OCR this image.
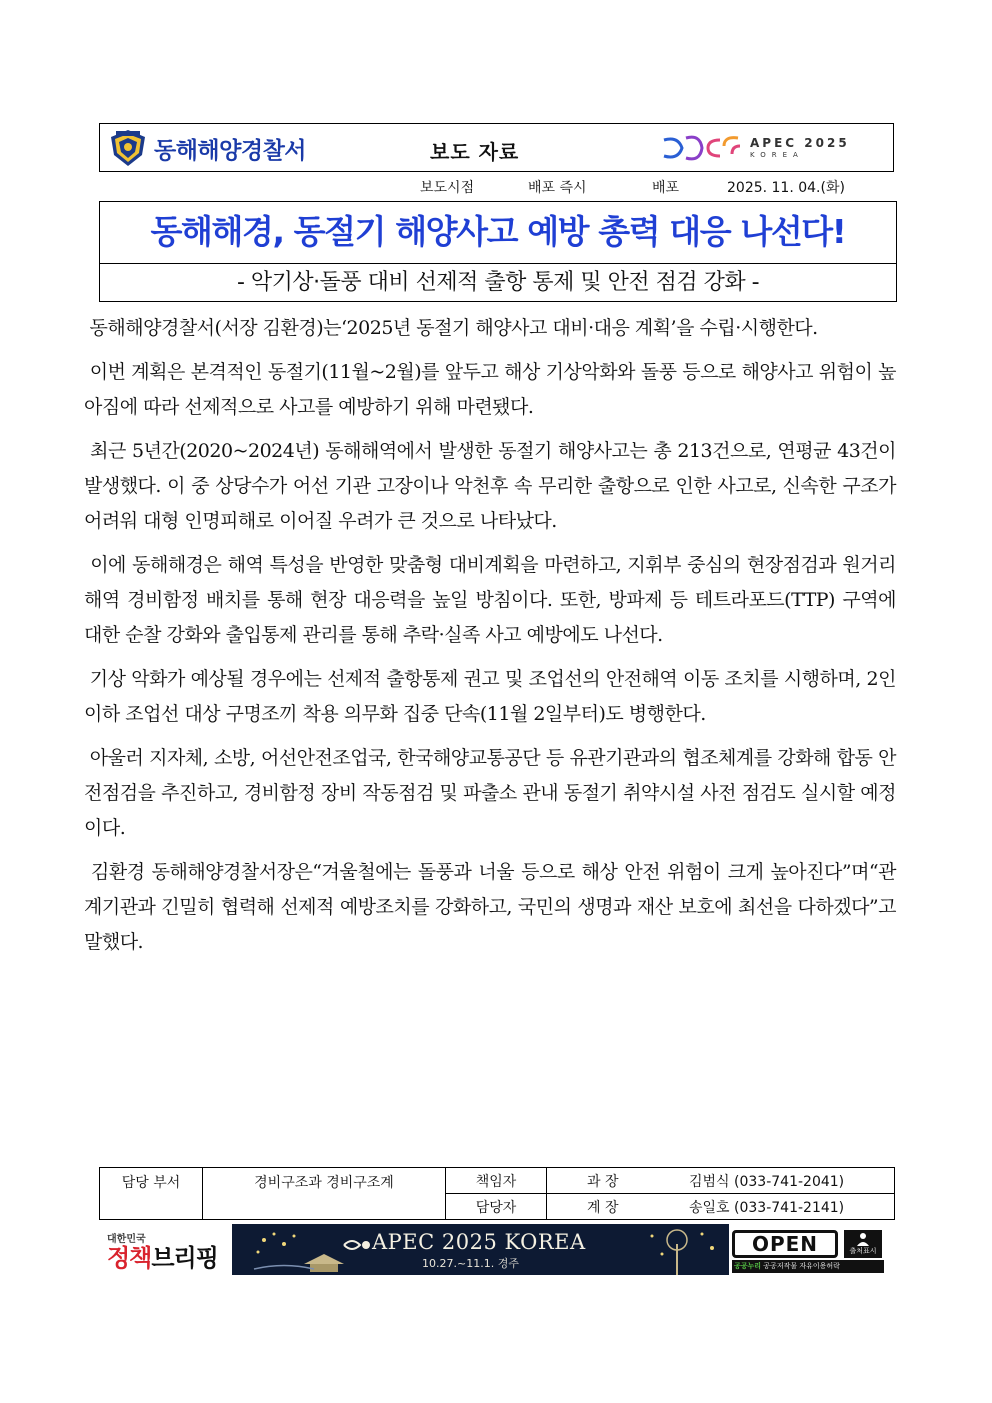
동해해양경찰서	보도 자료	APEC 2025
KOREA
보도시점	배포 즉시	배포	2025. 11. 04.(화)
동해해경, 동절기 해양사고 예방 총력 대응 나선다!
- 악기상·돌풍 대비 선제적 출항 통제 및 안전 점검 강화 -

동해해양경찰서(서장 김환경)는‘2025년 동절기 해양사고 대비·대응 계획’을 수립·시행한다.

이번 계획은 본격적인 동절기(11월~2월)를 앞두고 해상 기상악화와 돌풍 등으로 해양사고 위험이 높아짐에 따라 선제적으로 사고를 예방하기 위해 마련됐다.

최근 5년간(2020~2024년) 동해해역에서 발생한 동절기 해양사고는 총 213건으로, 연평균 43건이 발생했다. 이 중 상당수가 어선 기관 고장이나 악천후 속 무리한 출항으로 인한 사고로, 신속한 구조가 어려워 대형 인명피해로 이어질 우려가 큰 것으로 나타났다.

이에 동해해경은 해역 특성을 반영한 맞춤형 대비계획을 마련하고, 지휘부 중심의 현장점검과 원거리 해역 경비함정 배치를 통해 현장 대응력을 높일 방침이다. 또한, 방파제 등 테트라포드(TTP) 구역에 대한 순찰 강화와 출입통제 관리를 통해 추락·실족 사고 예방에도 나선다.

기상 악화가 예상될 경우에는 선제적 출항통제 권고 및 조업선의 안전해역 이동 조치를 시행하며, 2인 이하 조업선 대상 구명조끼 착용 의무화 집중 단속(11월 2일부터)도 병행한다.

아울러 지자체, 소방, 어선안전조업국, 한국해양교통공단 등 유관기관과의 협조체계를 강화해 합동 안전점검을 추진하고, 경비함정 장비 작동점검 및 파출소 관내 동절기 취약시설 사전 점검도 실시할 예정이다.

김환경 동해해양경찰서장은“겨울철에는 돌풍과 너울 등으로 해상 안전 위험이 크게 높아진다”며“관계기관과 긴밀히 협력해 선제적 예방조치를 강화하고, 국민의 생명과 재산 보호에 최선을 다하겠다”고 말했다.

담당 부서	경비구조과 경비구조계	책임자	과 장	김범식 (033-741-2041)
		담당자	계 장	송일호 (033-741-2141)
대한민국
정책브리핑
APEC 2025 KOREA
10.27.~11.1. 경주
OPEN	출처표시
공공누리 공공저작물 자유이용허락
